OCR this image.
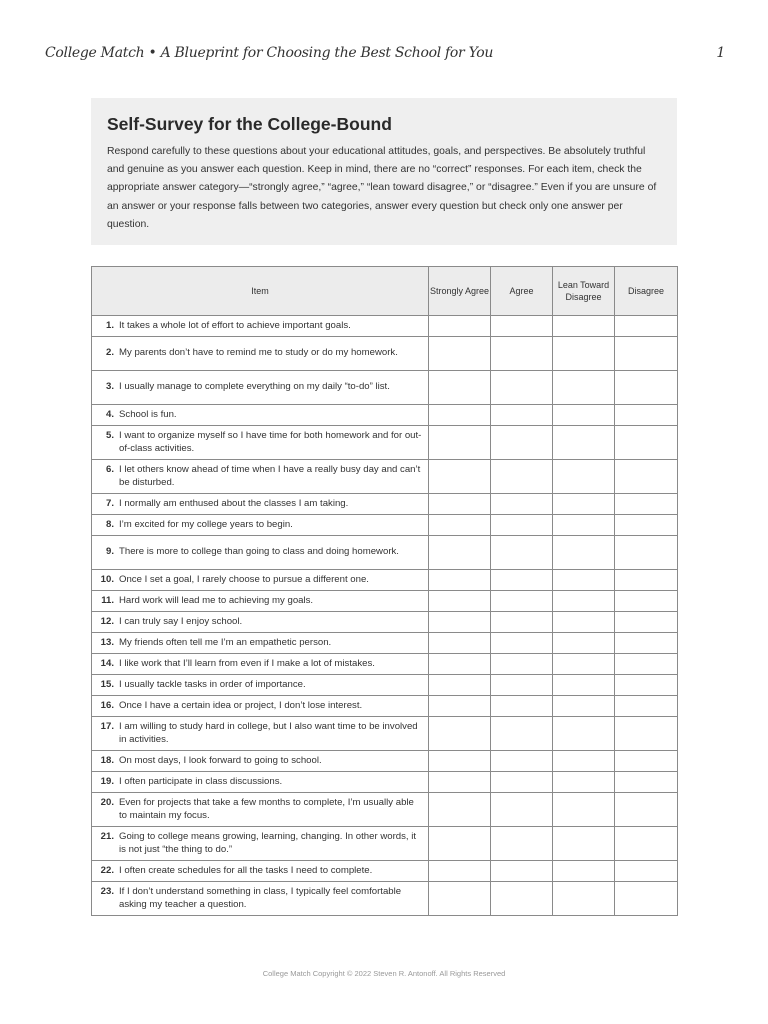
College Match • A Blueprint for Choosing the Best School for You	1
Self-Survey for the College-Bound

Respond carefully to these questions about your educational attitudes, goals, and perspectives. Be absolutely truthful and genuine as you answer each question. Keep in mind, there are no “correct” responses. For each item, check the appropriate answer category—“strongly agree,” “agree,” “lean toward disagree,” or “disagree.” Even if you are unsure of an answer or your response falls between two categories, answer every question but check only one answer per question.

Item	Strongly Agree	Agree	Lean Toward Disagree	Disagree

1. It takes a whole lot of effort to achieve important goals.				

2. My parents don’t have to remind me to study or do my homework.				

3. I usually manage to complete everything on my daily “to-do” list.				

4. School is fun.				

5. I want to organize myself so I have time for both homework and for out-of-class activities.				

6. I let others know ahead of time when I have a really busy day and can’t be disturbed.				

7. I normally am enthused about the classes I am taking.				

8. I’m excited for my college years to begin.				

9. There is more to college than going to class and doing homework.				

10. Once I set a goal, I rarely choose to pursue a different one.				

11. Hard work will lead me to achieving my goals.				

12. I can truly say I enjoy school.				

13. My friends often tell me I’m an empathetic person.				

14. I like work that I’ll learn from even if I make a lot of mistakes.				

15. I usually tackle tasks in order of importance.				

16. Once I have a certain idea or project, I don’t lose interest.				

17. I am willing to study hard in college, but I also want time to be involved in activities.				

18. On most days, I look forward to going to school.				

19. I often participate in class discussions.				

20. Even for projects that take a few months to complete, I’m usually able to maintain my focus.				

21. Going to college means growing, learning, changing. In other words, it is not just “the thing to do.”				

22. I often create schedules for all the tasks I need to complete.				

23. If I don’t understand something in class, I typically feel comfortable asking my teacher a question.				

College Match Copyright © 2022 Steven R. Antonoff. All Rights Reserved
